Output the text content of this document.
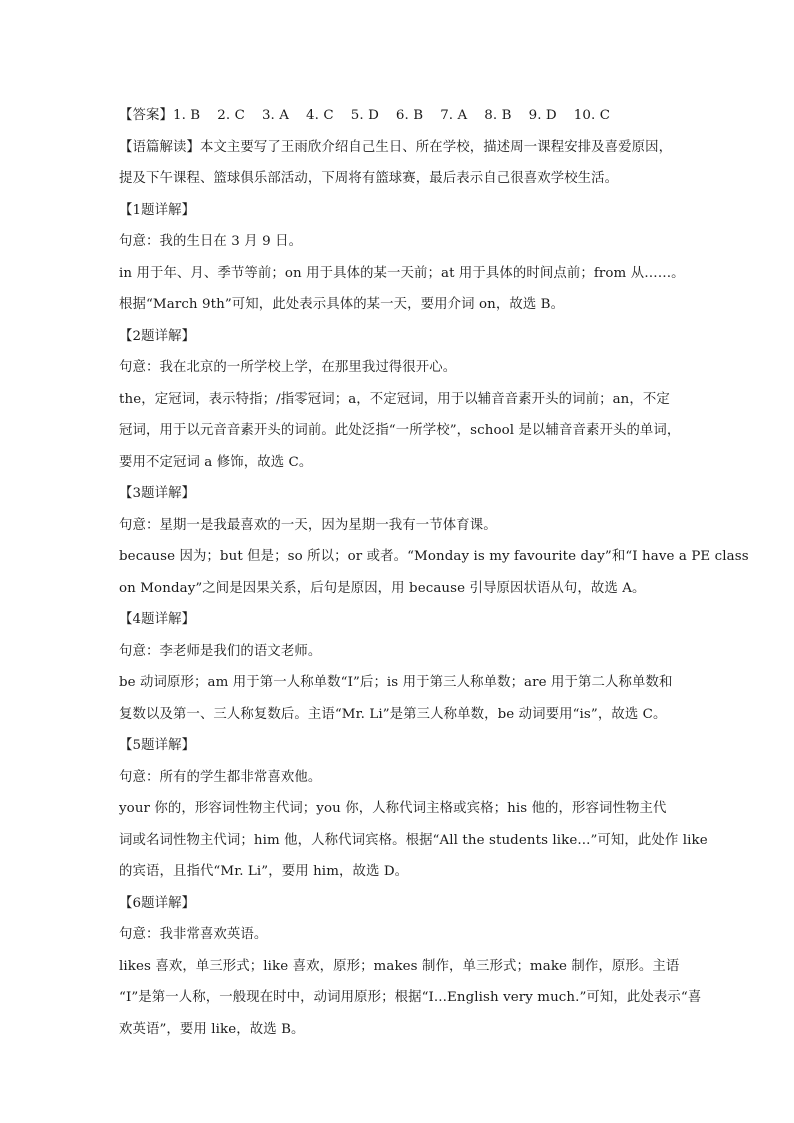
【答案】1. B 2. C 3. A 4. C 5. D 6. B 7. A 8. B 9. D 10. C
【语篇解读】本文主要写了王雨欣介绍自己生日、所在学校，描述周一课程安排及喜爱原因，
提及下午课程、篮球俱乐部活动，下周将有篮球赛，最后表示自己很喜欢学校生活。
【1题详解】
句意：我的生日在 3 月 9 日。
in 用于年、月、季节等前；on 用于具体的某一天前；at 用于具体的时间点前；from 从……。
根据“March 9th”可知，此处表示具体的某一天，要用介词 on，故选 B。
【2题详解】
句意：我在北京的一所学校上学，在那里我过得很开心。
the，定冠词，表示特指；/指零冠词；a，不定冠词，用于以辅音音素开头的词前；an，不定
冠词，用于以元音音素开头的词前。此处泛指“一所学校”，school 是以辅音音素开头的单词，
要用不定冠词 a 修饰，故选 C。
【3题详解】
句意：星期一是我最喜欢的一天，因为星期一我有一节体育课。
because 因为；but 但是；so 所以；or 或者。“Monday is my favourite day”和“I have a PE class
on Monday”之间是因果关系，后句是原因，用 because 引导原因状语从句，故选 A。
【4题详解】
句意：李老师是我们的语文老师。
be 动词原形；am 用于第一人称单数“I”后；is 用于第三人称单数；are 用于第二人称单数和
复数以及第一、三人称复数后。主语“Mr. Li”是第三人称单数，be 动词要用“is”，故选 C。
【5题详解】
句意：所有的学生都非常喜欢他。
your 你的，形容词性物主代词；you 你，人称代词主格或宾格；his 他的，形容词性物主代
词或名词性物主代词；him 他，人称代词宾格。根据“All the students like...”可知，此处作 like
的宾语，且指代“Mr. Li”，要用 him，故选 D。
【6题详解】
句意：我非常喜欢英语。
likes 喜欢，单三形式；like 喜欢，原形；makes 制作，单三形式；make 制作，原形。主语
“I”是第一人称，一般现在时中，动词用原形；根据“I...English very much.”可知，此处表示“喜
欢英语”，要用 like，故选 B。
